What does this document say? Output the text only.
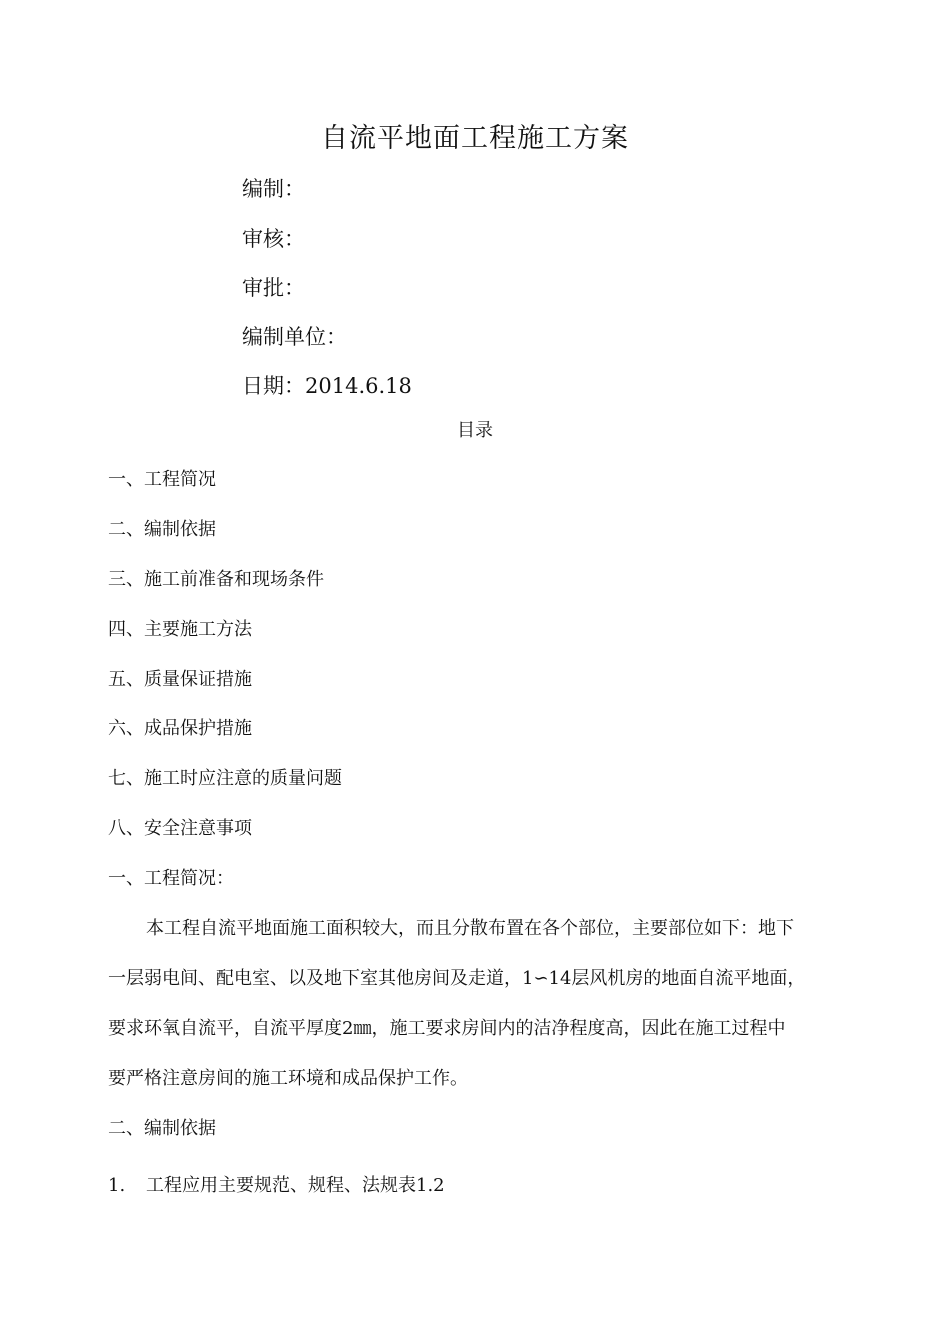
自流平地面工程施工方案
编制：
审核：
审批：
编制单位：
日期：2014.6.18
目录
一、工程简况
二、编制依据
三、施工前准备和现场条件
四、主要施工方法
五、质量保证措施
六、成品保护措施
七、施工时应注意的质量问题
八、安全注意事项
一、工程简况：
本工程自流平地面施工面积较大，而且分散布置在各个部位，主要部位如下：地下
一层弱电间、配电室、以及地下室其他房间及走道，1∽14层风机房的地面自流平地面，
要求环氧自流平，自流平厚度2㎜，施工要求房间内的洁净程度高，因此在施工过程中
要严格注意房间的施工环境和成品保护工作。
二、编制依据
1. 工程应用主要规范、规程、法规表1.2
